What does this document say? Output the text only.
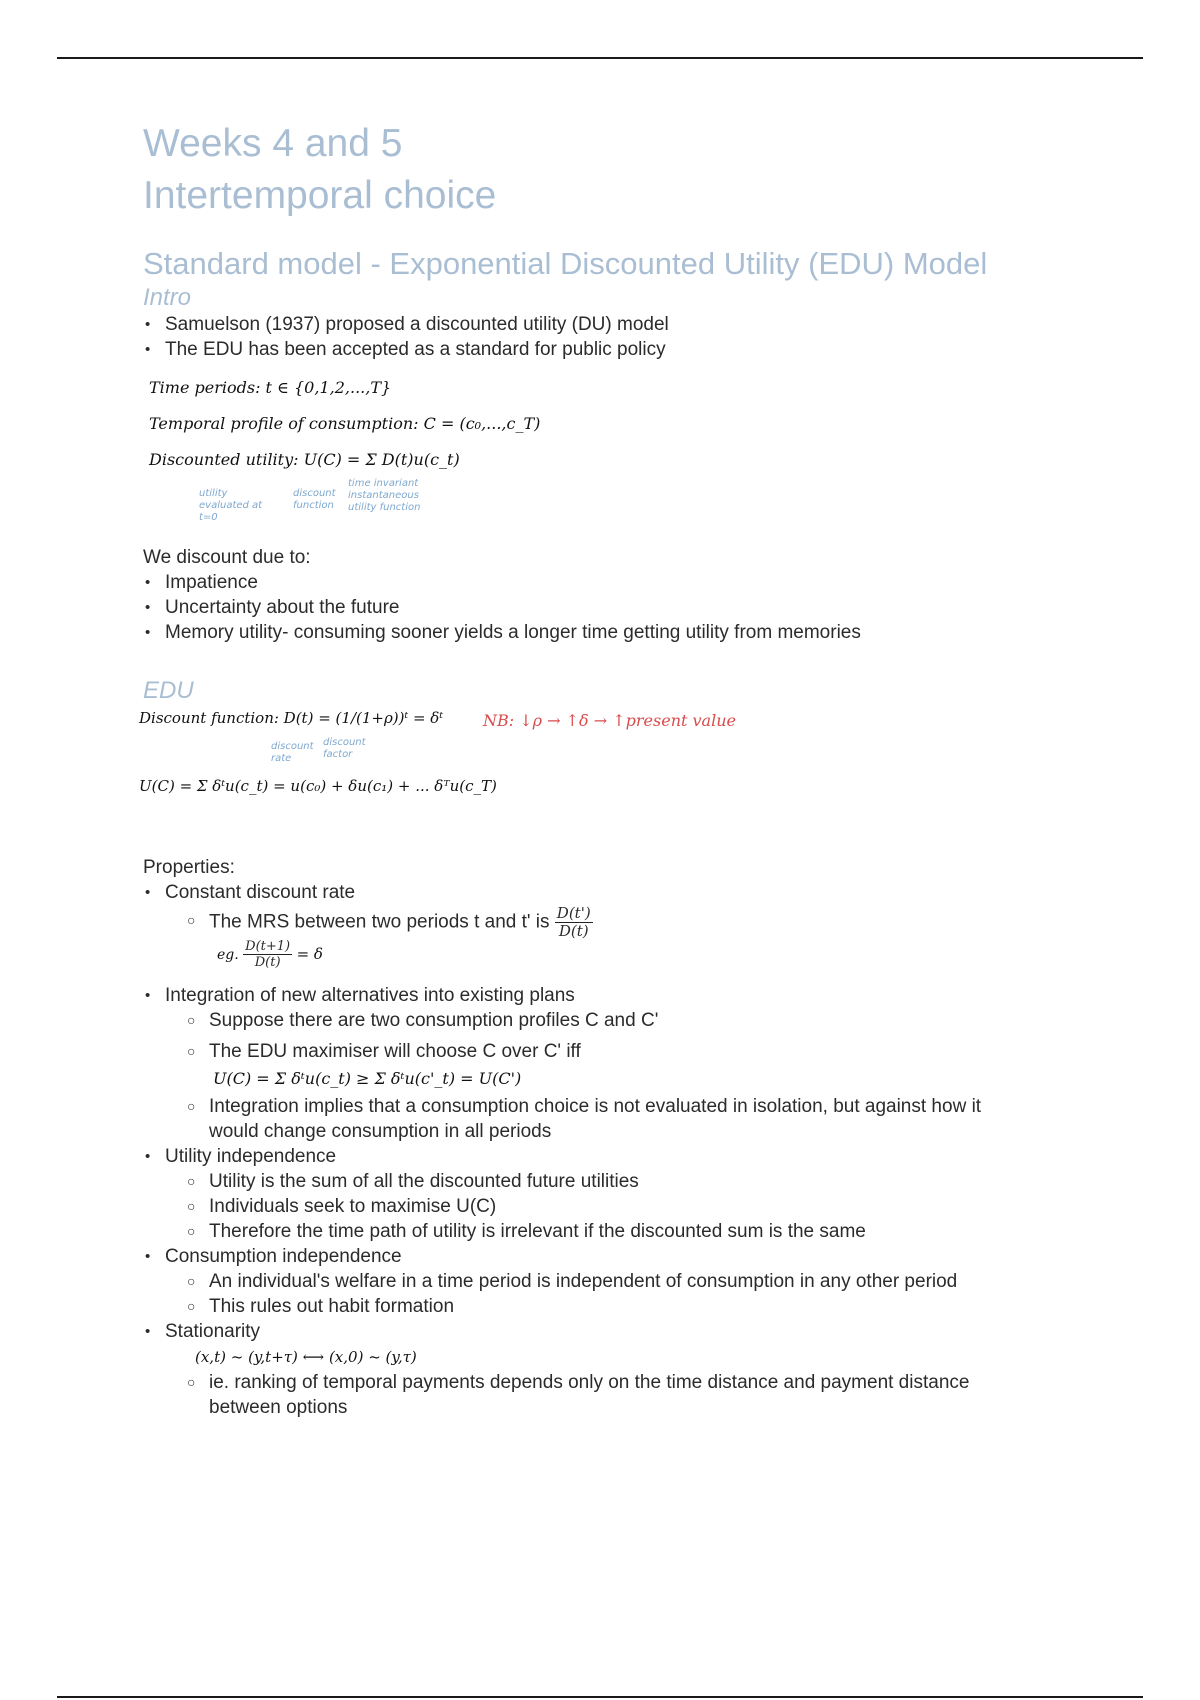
Weeks 4 and 5
Intertemporal choice
Standard model - Exponential Discounted Utility (EDU) Model
Intro
• Samuelson (1937) proposed a discounted utility (DU) model
• The EDU has been accepted as a standard for public policy
Time periods: t ∈ {0,1,2,...,T}
Temporal profile of consumption: C = (c₀,...,c_T)
Discounted utility: U(C) = Σ D(t)u(c_t)
utility evaluated at t=0
discount function
time invariant instantaneous utility function
We discount due to:
• Impatience
• Uncertainty about the future
• Memory utility- consuming sooner yields a longer time getting utility from memories
EDU
Discount function: D(t) = (1/(1+ρ))ᵗ = δᵗ
discount rate
discount factor
U(C) = Σ δᵗu(c_t) = u(c₀) + δu(c₁) + ... δᵀu(c_T)
NB: ↓ρ → ↑δ → ↑present value
Properties:
• Constant discount rate
○ The MRS between two periods t and t' is $\frac{D(t')}{D(t)}$
eg. $\frac{D(t+1)}{D(t)} = \delta$
• Integration of new alternatives into existing plans
○ Suppose there are two consumption profiles C and C'
○ The EDU maximiser will choose C over C' iff
U(C) = Σ δᵗu(c_t) ≥ Σ δᵗu(c'_t) = U(C')
○ Integration implies that a consumption choice is not evaluated in isolation, but against how it
would change consumption in all periods
• Utility independence
○ Utility is the sum of all the discounted future utilities
○ Individuals seek to maximise U(C)
○ Therefore the time path of utility is irrelevant if the discounted sum is the same
• Consumption independence
○ An individual's welfare in a time period is independent of consumption in any other period
○ This rules out habit formation
• Stationarity
(x,t) ~ (y,t+τ) ⟷ (x,0) ~ (y,τ)
○ ie. ranking of temporal payments depends only on the time distance and payment distance
between options
